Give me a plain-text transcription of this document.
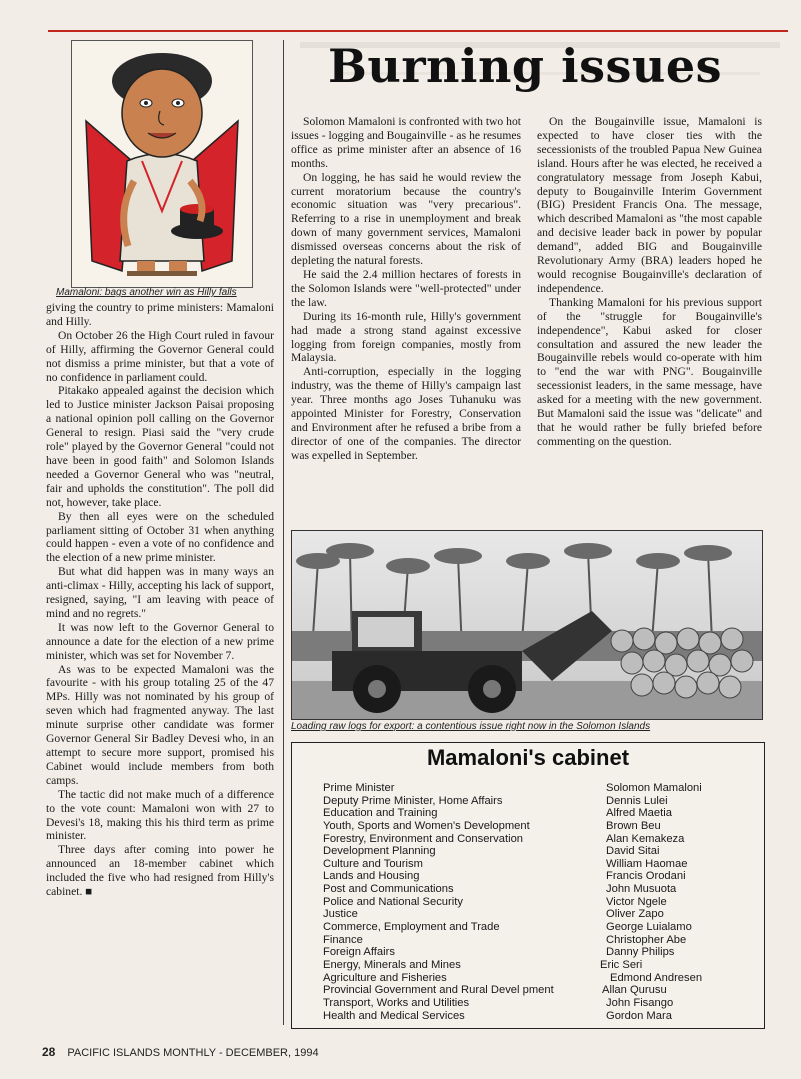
Burning issues
Mamaloni: bags another win as Hilly falls

giving the country to prime ministers: Mamaloni and Hilly.

On October 26 the High Court ruled in favour of Hilly, affirming the Governor General could not dismiss a prime minister, but that a vote of no confidence in parliament could.

Pitakako appealed against the decision which led to Justice minister Jackson Paisai proposing a national opinion poll calling on the Governor General to resign. Piasi said the "very crude role" played by the Governor General "could not have been in good faith" and Solomon Islands needed a Governor General who was "neutral, fair and upholds the constitution". The poll did not, however, take place.

By then all eyes were on the scheduled parliament sitting of October 31 when anything could happen - even a vote of no confidence and the election of a new prime minister.

But what did happen was in many ways an anti-climax - Hilly, accepting his lack of support, resigned, saying, "I am leaving with peace of mind and no regrets."

It was now left to the Governor General to announce a date for the election of a new prime minister, which was set for November 7.

As was to be expected Mamaloni was the favourite - with his group totaling 25 of the 47 MPs. Hilly was not nominated by his group of seven which had fragmented anyway. The last minute surprise other candidate was former Governor General Sir Badley Devesi who, in an attempt to secure more support, promised his Cabinet would include members from both camps.

The tactic did not make much of a difference to the vote count: Mamaloni won with 27 to Devesi's 18, making this his third term as prime minister.

Three days after coming into power he announced an 18-member cabinet which included the five who had resigned from Hilly's cabinet. ■

Solomon Mamaloni is confronted with two hot issues - logging and Bougainville - as he resumes office as prime minister after an absence of 16 months.

On logging, he has said he would review the current moratorium because the country's economic situation was "very precarious". Referring to a rise in unemployment and break down of many government services, Mamaloni dismissed overseas concerns about the risk of depleting the natural forests.

He said the 2.4 million hectares of forests in the Solomon Islands were "well-protected" under the law.

During its 16-month rule, Hilly's government had made a strong stand against excessive logging from foreign companies, mostly from Malaysia.

Anti-corruption, especially in the logging industry, was the theme of Hilly's campaign last year. Three months ago Joses Tuhanuku was appointed Minister for Forestry, Conservation and Environment after he refused a bribe from a director of one of the companies. The director was expelled in September.

On the Bougainville issue, Mamaloni is expected to have closer ties with the secessionists of the troubled Papua New Guinea island. Hours after he was elected, he received a congratulatory message from Joseph Kabui, deputy to Bougainville Interim Government (BIG) President Francis Ona. The message, which described Mamaloni as "the most capable and decisive leader back in power by popular demand", added BIG and Bougainville Revolutionary Army (BRA) leaders hoped he would recognise Bougainville's declaration of independence.

Thanking Mamaloni for his previous support of the "struggle for Bougainville's independence", Kabui asked for closer consultation and assured the new leader the Bougainville rebels would co-operate with him to "end the war with PNG". Bougainville secessionist leaders, in the same message, have asked for a meeting with the new government. But Mamaloni said the issue was "delicate" and that he would rather be fully briefed before commenting on the question.

Loading raw logs for export: a contentious issue right now in the Solomon Islands
Mamaloni's cabinet
Prime Minister	Solomon Mamaloni
Deputy Prime Minister, Home Affairs	Dennis Lulei
Education and Training	Alfred Maetia
Youth, Sports and Women's Development	Brown Beu
Forestry, Environment and Conservation	Alan Kemakeza
Development Planning	David Sitai
Culture and Tourism	William Haomae
Lands and Housing	Francis Orodani
Post and Communications	John Musuota
Police and National Security	Victor Ngele
Justice	Oliver Zapo
Commerce, Employment and Trade	George Luialamo
Finance	Christopher Abe
Foreign Affairs	Danny Philips
Energy, Minerals and Mines	Eric Seri
Agriculture and Fisheries	Edmond Andresen
Provincial Government and Rural Devel pment	Allan Qurusu
Transport, Works and Utilities	John Fisango
Health and Medical Services	Gordon Mara
28 PACIFIC ISLANDS MONTHLY - DECEMBER, 1994
